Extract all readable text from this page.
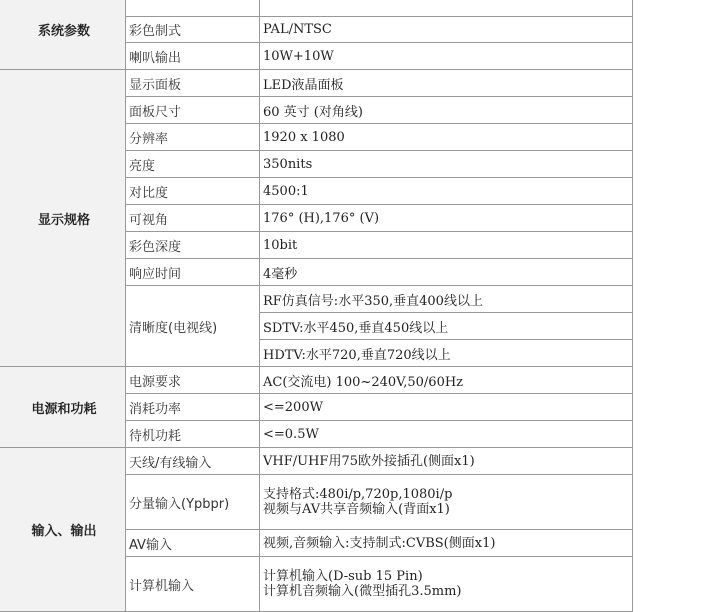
系统参数		
	彩色制式	PAL/NTSC
	喇叭输出	10W+10W
显示规格	显示面板	LED液晶面板
	面板尺寸	60 英寸 (对角线)
	分辨率	1920 x 1080
	亮度	350nits
	对比度	4500:1
	可视角	176° (H),176° (V)
	彩色深度	10bit
	响应时间	4毫秒
	清晰度(电视线)	RF仿真信号:水平350,垂直400线以上
		SDTV:水平450,垂直450线以上
		HDTV:水平720,垂直720线以上
电源和功耗	电源要求	AC(交流电) 100~240V,50/60Hz
	消耗功率	<=200W
	待机功耗	<=0.5W
输入、输出	天线/有线输入	VHF/UHF用75欧外接插孔(侧面x1)

	分量输入(Ypbpr)	支持格式:480i/p,720p,1080i/p
视频与AV共享音频输入(背面x1)

	AV输入	视频,音频输入:支持制式:CVBS(侧面x1)

	计算机输入	计算机输入(D-sub 15 Pin)
计算机音频输入(微型插孔3.5mm)
